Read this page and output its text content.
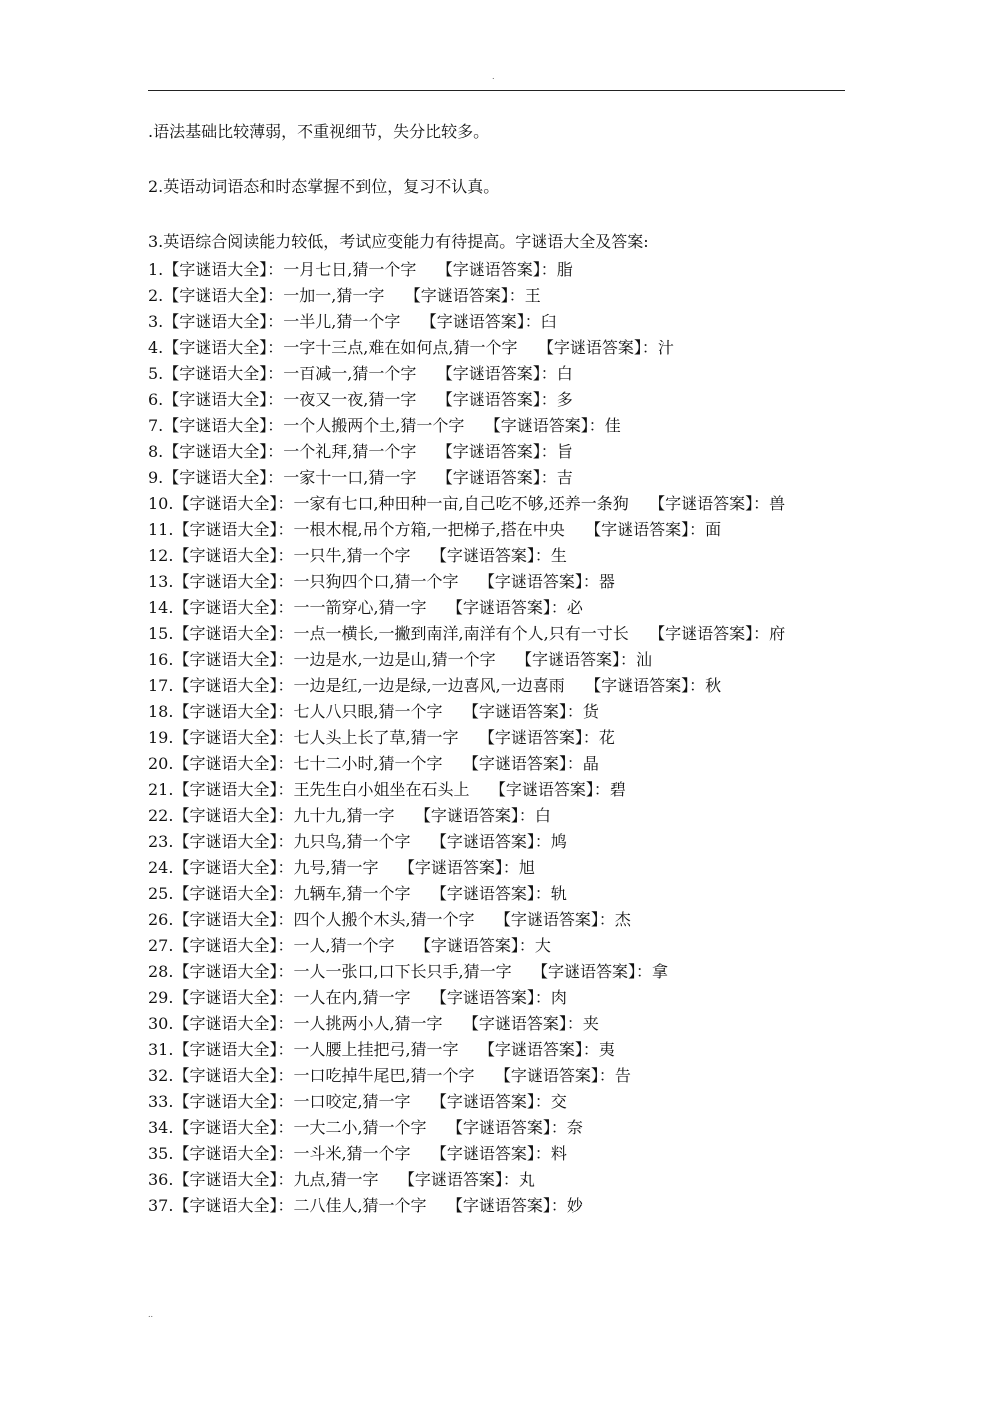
.

.语法基础比较薄弱，不重视细节，失分比较多。

2.英语动词语态和时态掌握不到位，复习不认真。

3.英语综合阅读能力较低，考试应变能力有待提高。字谜语大全及答案:

1.【字谜语大全】：一月七日,猜一个字 【字谜语答案】：脂
2.【字谜语大全】：一加一,猜一字 【字谜语答案】：王
3.【字谜语大全】：一半儿,猜一个字 【字谜语答案】：臼
4.【字谜语大全】：一字十三点,难在如何点,猜一个字 【字谜语答案】：汁
5.【字谜语大全】：一百减一,猜一个字 【字谜语答案】：白
6.【字谜语大全】：一夜又一夜,猜一字 【字谜语答案】：多
7.【字谜语大全】：一个人搬两个土,猜一个字 【字谜语答案】：佳
8.【字谜语大全】：一个礼拜,猜一个字 【字谜语答案】：旨
9.【字谜语大全】：一家十一口,猜一字 【字谜语答案】：吉
10.【字谜语大全】：一家有七口,种田种一亩,自己吃不够,还养一条狗 【字谜语答案】：兽
11.【字谜语大全】：一根木棍,吊个方箱,一把梯子,搭在中央 【字谜语答案】：面
12.【字谜语大全】：一只牛,猜一个字 【字谜语答案】：生
13.【字谜语大全】：一只狗四个口,猜一个字 【字谜语答案】：器
14.【字谜语大全】：一一箭穿心,猜一字 【字谜语答案】：必
15.【字谜语大全】：一点一横长,一撇到南洋,南洋有个人,只有一寸长 【字谜语答案】：府
16.【字谜语大全】：一边是水,一边是山,猜一个字 【字谜语答案】：汕
17.【字谜语大全】：一边是红,一边是绿,一边喜风,一边喜雨 【字谜语答案】：秋
18.【字谜语大全】：七人八只眼,猜一个字 【字谜语答案】：货
19.【字谜语大全】：七人头上长了草,猜一字 【字谜语答案】：花
20.【字谜语大全】：七十二小时,猜一个字 【字谜语答案】：晶
21.【字谜语大全】：王先生白小姐坐在石头上 【字谜语答案】：碧
22.【字谜语大全】：九十九,猜一字 【字谜语答案】：白
23.【字谜语大全】：九只鸟,猜一个字 【字谜语答案】：鸠
24.【字谜语大全】：九号,猜一字 【字谜语答案】：旭
25.【字谜语大全】：九辆车,猜一个字 【字谜语答案】：轨
26.【字谜语大全】：四个人搬个木头,猜一个字 【字谜语答案】：杰
27.【字谜语大全】：一人,猜一个字 【字谜语答案】：大
28.【字谜语大全】：一人一张口,口下长只手,猜一字 【字谜语答案】：拿
29.【字谜语大全】：一人在内,猜一字 【字谜语答案】：肉
30.【字谜语大全】：一人挑两小人,猜一字 【字谜语答案】：夹
31.【字谜语大全】：一人腰上挂把弓,猜一字 【字谜语答案】：夷
32.【字谜语大全】：一口吃掉牛尾巴,猜一个字 【字谜语答案】：告
33.【字谜语大全】：一口咬定,猜一字 【字谜语答案】：交
34.【字谜语大全】：一大二小,猜一个字 【字谜语答案】：奈
35.【字谜语大全】：一斗米,猜一个字 【字谜语答案】：料
36.【字谜语大全】：九点,猜一字 【字谜语答案】：丸
37.【字谜语大全】：二八佳人,猜一个字 【字谜语答案】：妙
..
